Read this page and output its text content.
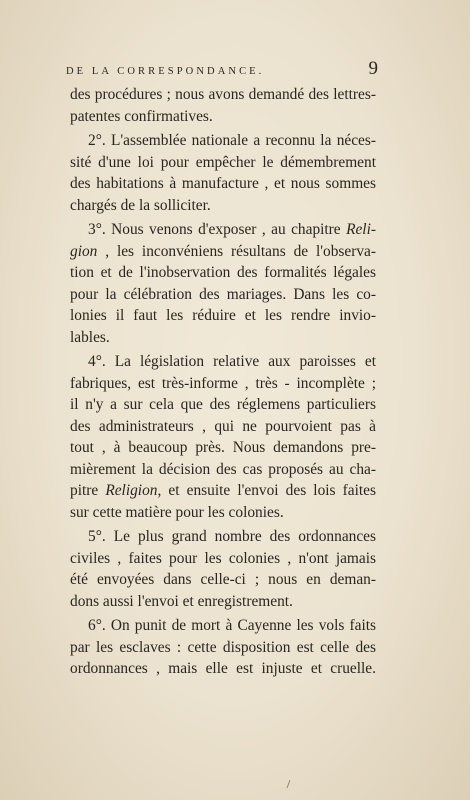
DE LA CORRESPONDANCE.	9
des procédures ; nous avons demandé des lettres-
patentes confirmatives.
2°. L'assemblée nationale a reconnu la néces-
sité d'une loi pour empêcher le démembrement
des habitations à manufacture , et nous sommes
chargés de la solliciter.
3°. Nous venons d'exposer , au chapitre Reli-
gion , les inconvéniens résultans de l'observa-
tion et de l'inobservation des formalités légales
pour la célébration des mariages. Dans les co-
lonies il faut les réduire et les rendre invio-
lables.
4°. La législation relative aux paroisses et
fabriques, est très-informe , très - incomplète ;
il n'y a sur cela que des réglemens particuliers
des administrateurs , qui ne pourvoient pas à
tout , à beaucoup près. Nous demandons pre-
mièrement la décision des cas proposés au cha-
pitre Religion, et ensuite l'envoi des lois faites
sur cette matière pour les colonies.
5°. Le plus grand nombre des ordonnances
civiles , faites pour les colonies , n'ont jamais
été envoyées dans celle-ci ; nous en deman-
dons aussi l'envoi et enregistrement.
6°. On punit de mort à Cayenne les vols faits
par les esclaves : cette disposition est celle des
ordonnances , mais elle est injuste et cruelle.
